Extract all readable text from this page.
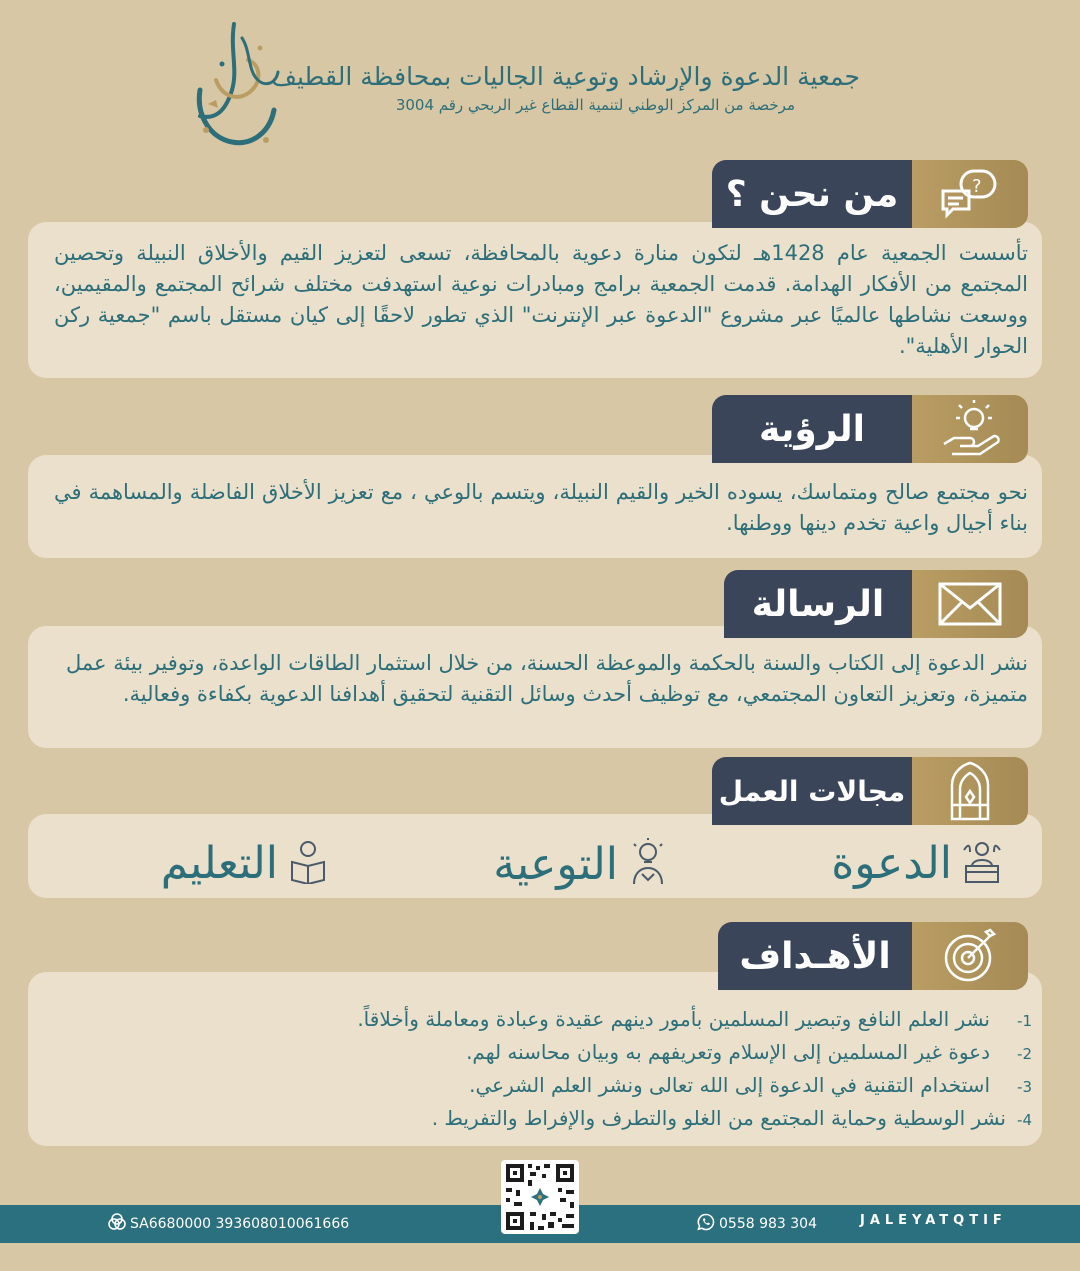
جمعية الدعوة والإرشاد وتوعية الجاليات بمحافظة القطيف
مرخصة من المركز الوطني لتنمية القطاع غير الربحي رقم 3004

تأسست الجمعية عام 1428هـ لتكون منارة دعوية بالمحافظة، تسعى لتعزيز القيم والأخلاق النبيلة وتحصين المجتمع من الأفكار الهدامة. قدمت الجمعية برامج ومبادرات نوعية استهدفت مختلف شرائح المجتمع والمقيمين، ووسعت نشاطها عالميًا عبر مشروع "الدعوة عبر الإنترنت" الذي تطور لاحقًا إلى كيان مستقل باسم "جمعية ركن الحوار الأهلية".

من نحن ؟	?

نحو مجتمع صالح ومتماسك، يسوده الخير والقيم النبيلة، ويتسم بالوعي ، مع تعزيز الأخلاق الفاضلة والمساهمة في بناء أجيال واعية تخدم دينها ووطنها.

الرؤية

نشر الدعوة إلى الكتاب والسنة بالحكمة والموعظة الحسنة، من خلال استثمار الطاقات الواعدة، وتوفير بيئة عمل متميزة، وتعزيز التعاون المجتمعي، مع توظيف أحدث وسائل التقنية لتحقيق أهدافنا الدعوية بكفاءة وفعالية.

الرسالة
مجالات العمل
الدعوة
التوعية
التعليم
الأهـداف
1-
نشر العلم النافع وتبصير المسلمين بأمور دينهم عقيدة وعبادة ومعاملة وأخلاقاً.
2-
دعوة غير المسلمين إلى الإسلام وتعريفهم به وبيان محاسنه لهم.
3-
استخدام التقنية في الدعوة إلى الله تعالى ونشر العلم الشرعي.
4-
نشر الوسطية وحماية المجتمع من الغلو والتطرف والإفراط والتفريط .
SA6680000 393608010061666	0558 983 304	JALEYATQTIF
